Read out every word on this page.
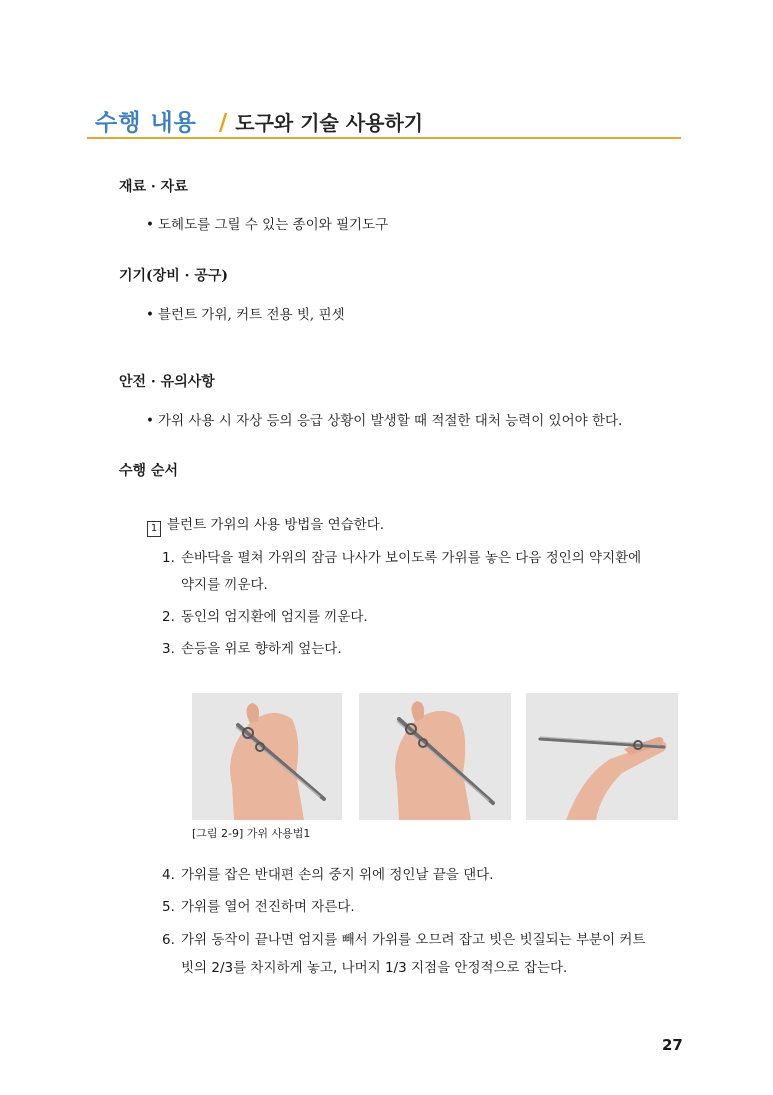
수행 내용 / 도구와 기술 사용하기
재료 · 자료
• 도헤도를 그릴 수 있는 종이와 필기도구
기기(장비 · 공구)
• 블런트 가위, 커트 전용 빗, 핀셋
안전 · 유의사항
• 가위 사용 시 자상 등의 응급 상황이 발생할 때 적절한 대처 능력이 있어야 한다.
수행 순서
1 블런트 가위의 사용 방법을 연습한다.
1. 손바닥을 펼쳐 가위의 잠금 나사가 보이도록 가위를 놓은 다음 정인의 약지환에
약지를 끼운다.
2. 동인의 엄지환에 엄지를 끼운다.
3. 손등을 위로 향하게 엎는다.
[그림 2-9] 가위 사용법1
4. 가위를 잡은 반대편 손의 중지 위에 정인날 끝을 댄다.
5. 가위를 열어 전진하며 자른다.
6. 가위 동작이 끝나면 엄지를 빼서 가위를 오므려 잡고 빗은 빗질되는 부분이 커트
빗의 2/3를 차지하게 놓고, 나머지 1/3 지점을 안정적으로 잡는다.
27
